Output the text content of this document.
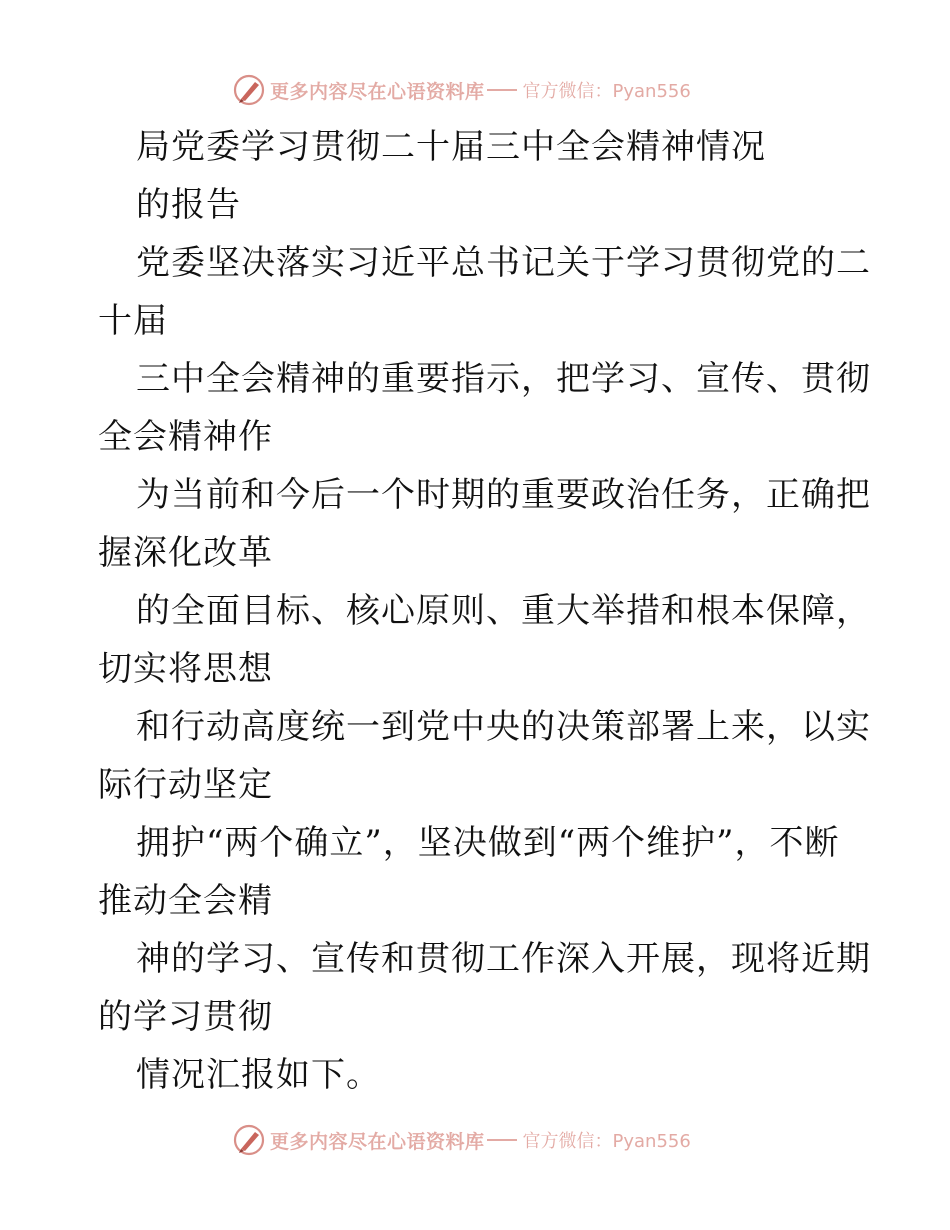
更多内容尽在心语资料库 官方微信：Pyan556
局党委学习贯彻二十届三中全会精神情况
的报告
党委坚决落实习近平总书记关于学习贯彻党的二
十届
三中全会精神的重要指示，把学习、宣传、贯彻
全会精神作
为当前和今后一个时期的重要政治任务，正确把
握深化改革
的全面目标、核心原则、重大举措和根本保障，
切实将思想
和行动高度统一到党中央的决策部署上来，以实
际行动坚定
拥护“两个确立”，坚决做到“两个维护”，不断
推动全会精
神的学习、宣传和贯彻工作深入开展，现将近期
的学习贯彻
情况汇报如下。
更多内容尽在心语资料库 官方微信：Pyan556
